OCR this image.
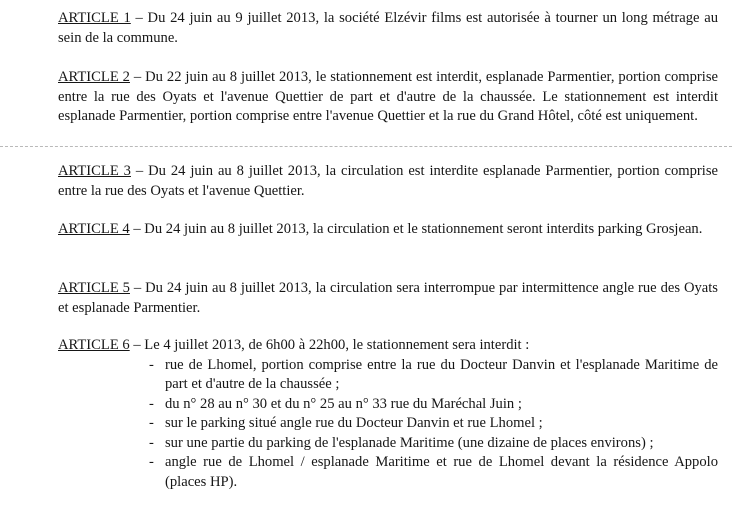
ARTICLE 1 – Du 24 juin au 9 juillet 2013, la société Elzévir films est autorisée à tourner un long métrage au sein de la commune.

ARTICLE 2 – Du 22 juin au 8 juillet 2013, le stationnement est interdit, esplanade Parmentier, portion comprise entre la rue des Oyats et l'avenue Quettier de part et d'autre de la chaussée. Le stationnement est interdit esplanade Parmentier, portion comprise entre l'avenue Quettier et la rue du Grand Hôtel, côté est uniquement.

ARTICLE 3 – Du 24 juin au 8 juillet 2013, la circulation est interdite esplanade Parmentier, portion comprise entre la rue des Oyats et l'avenue Quettier.

ARTICLE 4 – Du 24 juin au 8 juillet 2013, la circulation et le stationnement seront interdits parking Grosjean.

ARTICLE 5 – Du 24 juin au 8 juillet 2013, la circulation sera interrompue par intermittence angle rue des Oyats et esplanade Parmentier.

ARTICLE 6 – Le 4 juillet 2013, de 6h00 à 22h00, le stationnement sera interdit :
- rue de Lhomel, portion comprise entre la rue du Docteur Danvin et l'esplanade Maritime de part et d'autre de la chaussée ;
- du n° 28 au n° 30 et du n° 25 au n° 33 rue du Maréchal Juin ;
- sur le parking situé angle rue du Docteur Danvin et rue Lhomel ;
- sur une partie du parking de l'esplanade Maritime (une dizaine de places environs) ;
- angle rue de Lhomel / esplanade Maritime et rue de Lhomel devant la résidence Appolo (places HP).
